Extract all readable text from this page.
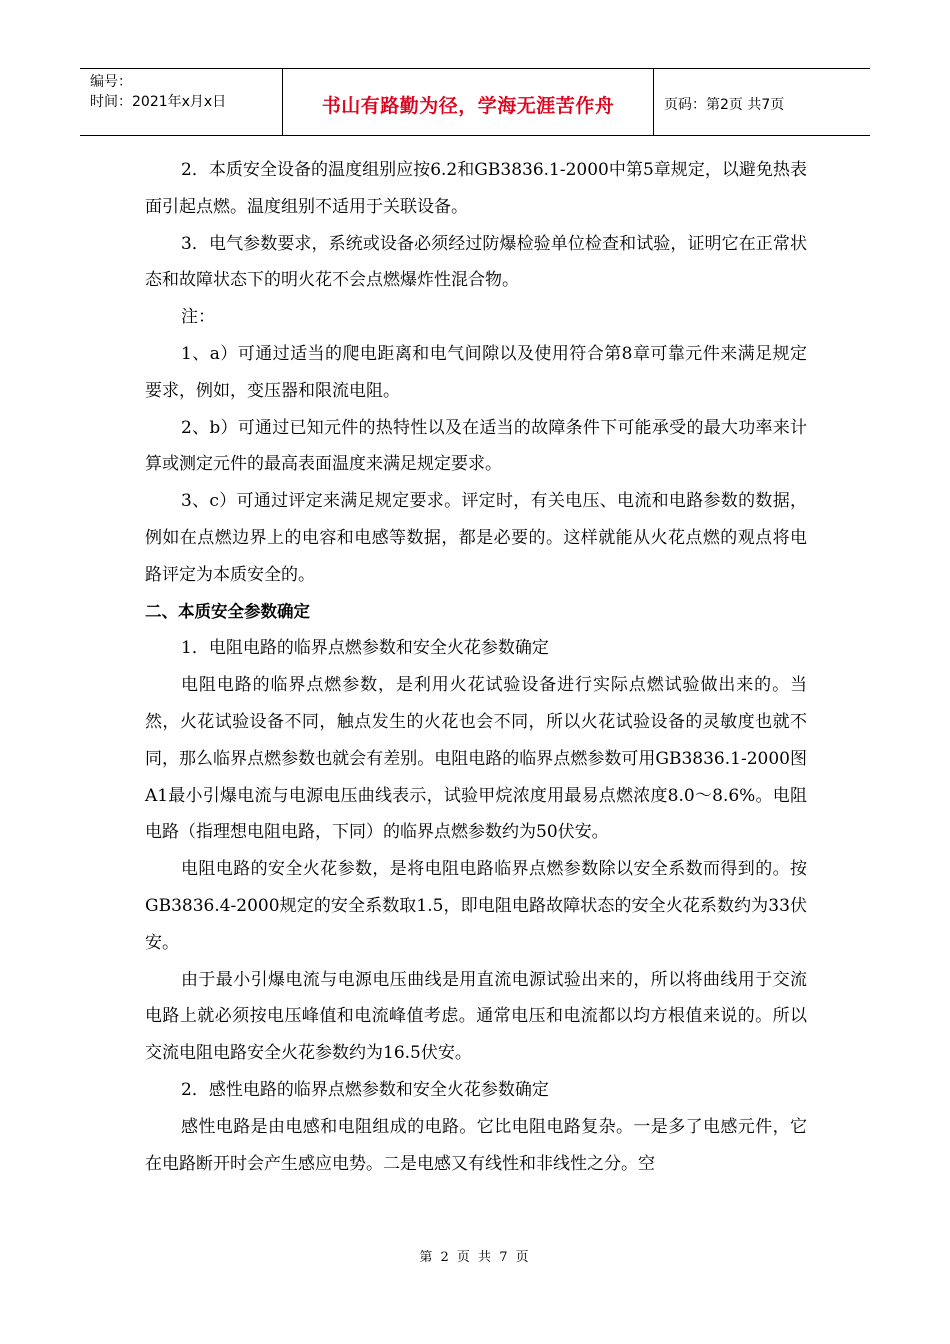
编号：
时间：2021年x月x日	书山有路勤为径，学海无涯苦作舟	页码：第2页 共7页

2．本质安全设备的温度组别应按6.2和GB3836.1-2000中第5章规定，以避免热表面引起点燃。温度组别不适用于关联设备。

3．电气参数要求，系统或设备必须经过防爆检验单位检查和试验，证明它在正常状态和故障状态下的明火花不会点燃爆炸性混合物。

注：

1、a）可通过适当的爬电距离和电气间隙以及使用符合第8章可靠元件来满足规定要求，例如，变压器和限流电阻。

2、b）可通过已知元件的热特性以及在适当的故障条件下可能承受的最大功率来计算或测定元件的最高表面温度来满足规定要求。

3、c）可通过评定来满足规定要求。评定时，有关电压、电流和电路参数的数据，例如在点燃边界上的电容和电感等数据，都是必要的。这样就能从火花点燃的观点将电路评定为本质安全的。

二、本质安全参数确定

1．电阻电路的临界点燃参数和安全火花参数确定

电阻电路的临界点燃参数，是利用火花试验设备进行实际点燃试验做出来的。当然，火花试验设备不同，触点发生的火花也会不同，所以火花试验设备的灵敏度也就不同，那么临界点燃参数也就会有差别。电阻电路的临界点燃参数可用GB3836.1-2000图A1最小引爆电流与电源电压曲线表示，试验甲烷浓度用最易点燃浓度8.0～8.6%。电阻电路（指理想电阻电路，下同）的临界点燃参数约为50伏安。

电阻电路的安全火花参数，是将电阻电路临界点燃参数除以安全系数而得到的。按GB3836.4-2000规定的安全系数取1.5，即电阻电路故障状态的安全火花系数约为33伏安。

由于最小引爆电流与电源电压曲线是用直流电源试验出来的，所以将曲线用于交流电路上就必须按电压峰值和电流峰值考虑。通常电压和电流都以均方根值来说的。所以交流电阻电路安全火花参数约为16.5伏安。

2．感性电路的临界点燃参数和安全火花参数确定

感性电路是由电感和电阻组成的电路。它比电阻电路复杂。一是多了电感元件，它在电路断开时会产生感应电势。二是电感又有线性和非线性之分。空

第 2 页 共 7 页
